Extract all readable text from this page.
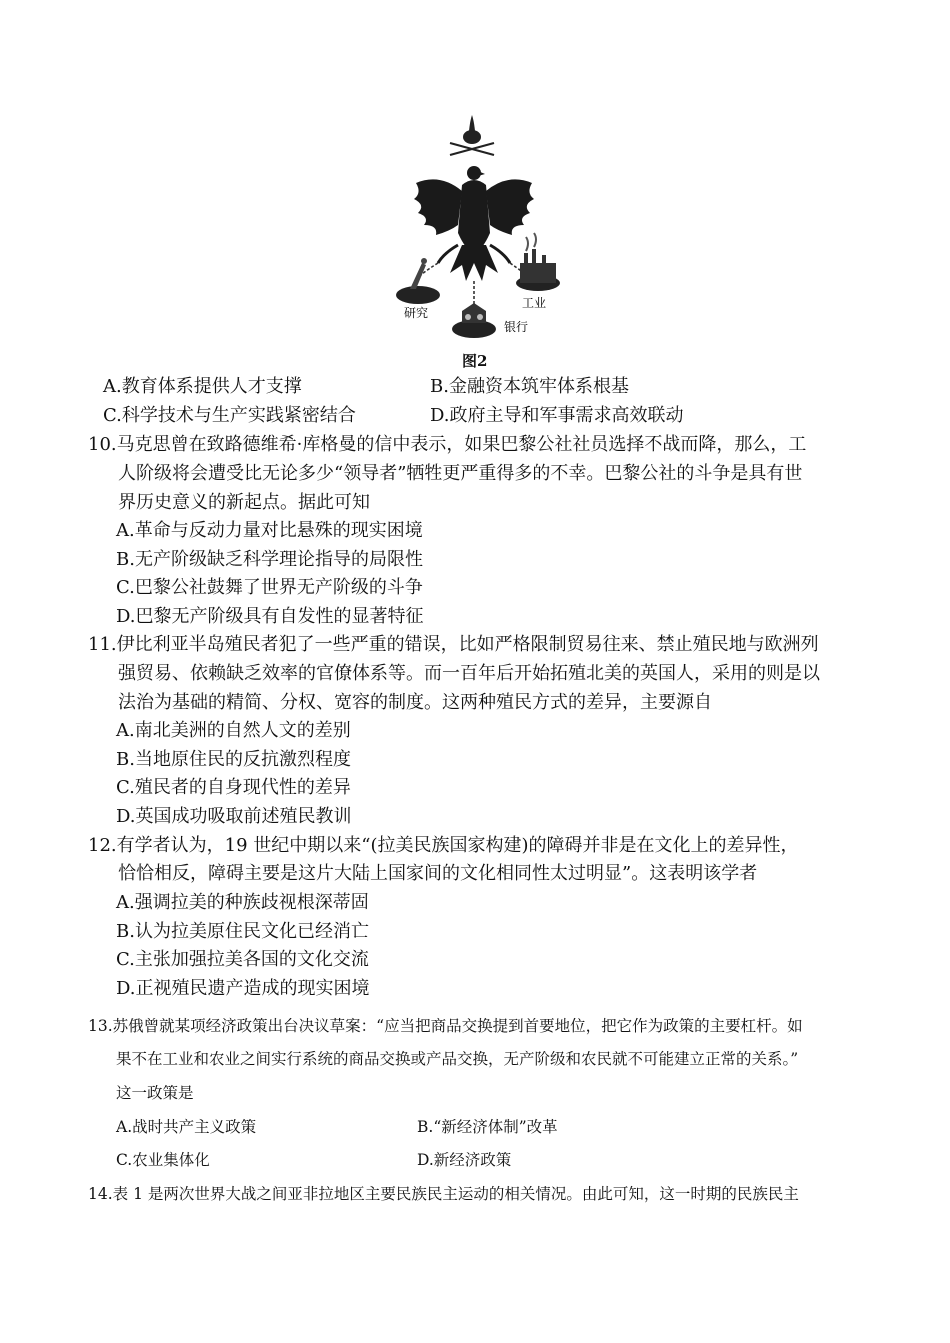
研究
工业
银行
图2
A.教育体系提供人才支撑	B.金融资本筑牢体系根基
C.科学技术与生产实践紧密结合	D.政府主导和军事需求高效联动
10.马克思曾在致路德维希·库格曼的信中表示，如果巴黎公社社员选择不战而降，那么，工
人阶级将会遭受比无论多少“领导者”牺牲更严重得多的不幸。巴黎公社的斗争是具有世
界历史意义的新起点。据此可知
A.革命与反动力量对比悬殊的现实困境
B.无产阶级缺乏科学理论指导的局限性
C.巴黎公社鼓舞了世界无产阶级的斗争
D.巴黎无产阶级具有自发性的显著特征
11.伊比利亚半岛殖民者犯了一些严重的错误，比如严格限制贸易往来、禁止殖民地与欧洲列
强贸易、依赖缺乏效率的官僚体系等。而一百年后开始拓殖北美的英国人，采用的则是以
法治为基础的精简、分权、宽容的制度。这两种殖民方式的差异，主要源自
A.南北美洲的自然人文的差别
B.当地原住民的反抗激烈程度
C.殖民者的自身现代性的差异
D.英国成功吸取前述殖民教训
12.有学者认为，19 世纪中期以来“(拉美民族国家构建)的障碍并非是在文化上的差异性，
恰恰相反，障碍主要是这片大陆上国家间的文化相同性太过明显”。这表明该学者
A.强调拉美的种族歧视根深蒂固
B.认为拉美原住民文化已经消亡
C.主张加强拉美各国的文化交流
D.正视殖民遗产造成的现实困境
13.苏俄曾就某项经济政策出台决议草案：“应当把商品交换提到首要地位，把它作为政策的主要杠杆。如
果不在工业和农业之间实行系统的商品交换或产品交换，无产阶级和农民就不可能建立正常的关系。”
这一政策是
A.战时共产主义政策	B.“新经济体制”改革
C.农业集体化	D.新经济政策
14.表 1 是两次世界大战之间亚非拉地区主要民族民主运动的相关情况。由此可知，这一时期的民族民主
